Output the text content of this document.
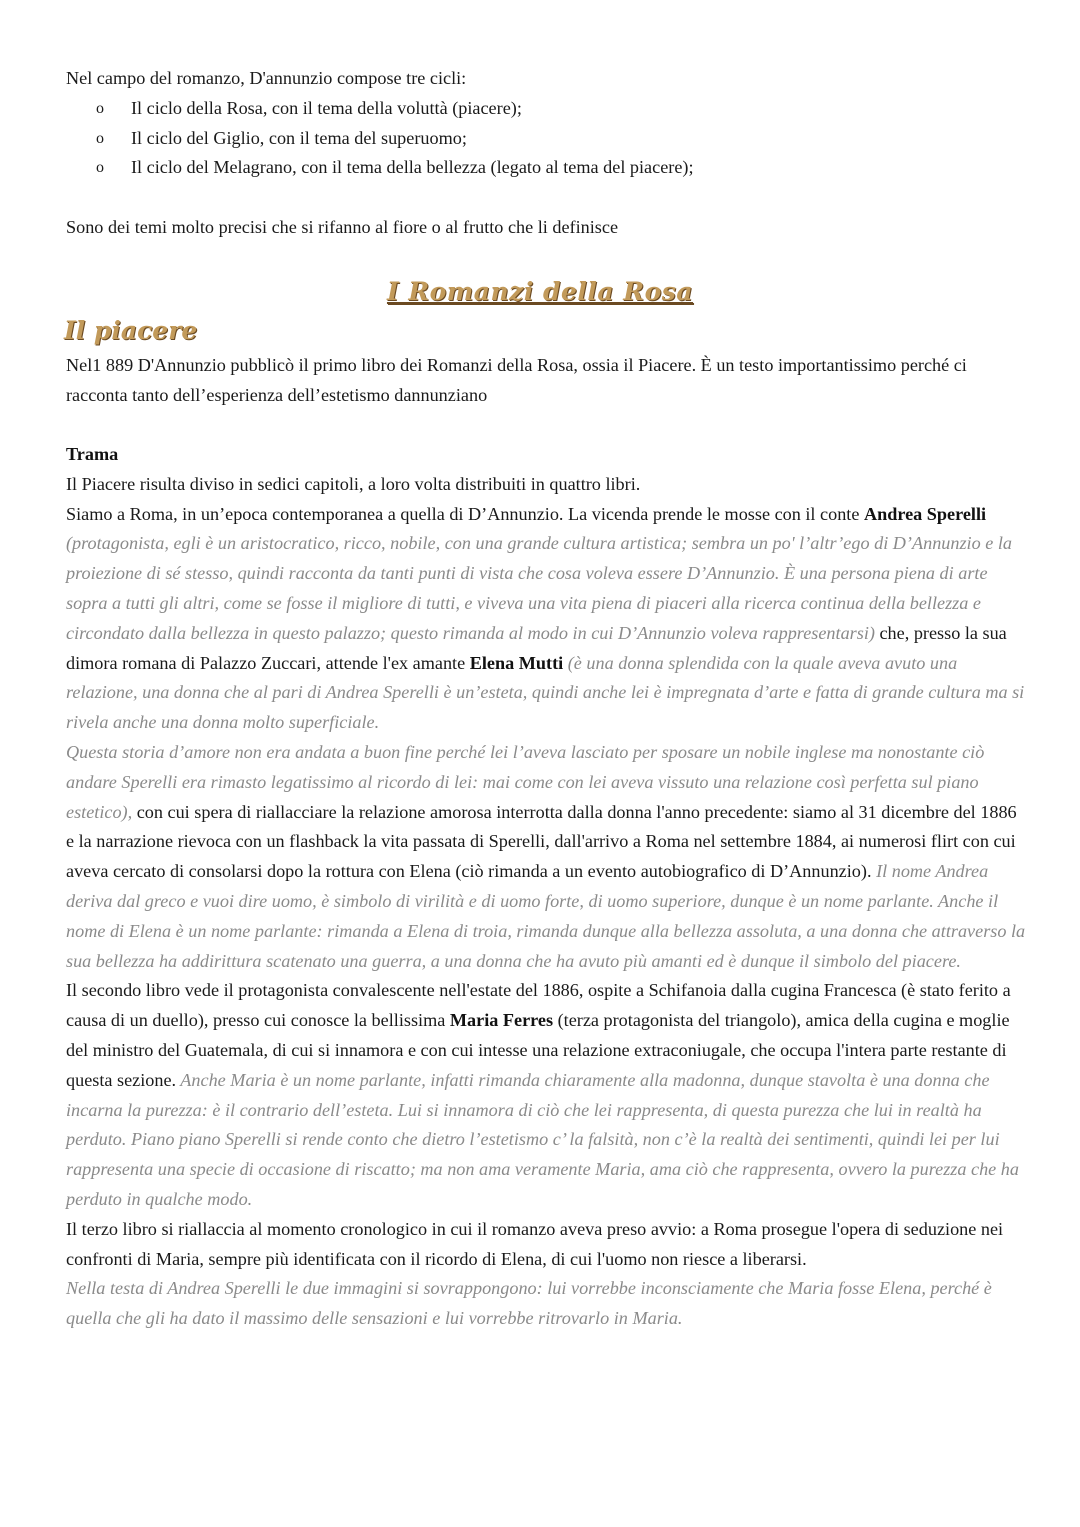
Nel campo del romanzo, D'annunzio compose tre cicli:

o Il ciclo della Rosa, con il tema della voluttà (piacere);
o Il ciclo del Giglio, con il tema del superuomo;
o Il ciclo del Melagrano, con il tema della bellezza (legato al tema del piacere);
Sono dei temi molto precisi che si rifanno al fiore o al frutto che li definisce
I Romanzi della Rosa
Il piacere
Nel1 889 D'Annunzio pubblicò il primo libro dei Romanzi della Rosa, ossia il Piacere. È un testo importantissimo perché ci racconta tanto dell’esperienza dell’estetismo dannunziano

Trama

Il Piacere risulta diviso in sedici capitoli, a loro volta distribuiti in quattro libri.

Siamo a Roma, in un’epoca contemporanea a quella di D’Annunzio. La vicenda prende le mosse con il conte Andrea Sperelli (protagonista, egli è un aristocratico, ricco, nobile, con una grande cultura artistica; sembra un po' l’altr’ego di D’Annunzio e la proiezione di sé stesso, quindi racconta da tanti punti di vista che cosa voleva essere D’Annunzio. È una persona piena di arte sopra a tutti gli altri, come se fosse il migliore di tutti, e viveva una vita piena di piaceri alla ricerca continua della bellezza e circondato dalla bellezza in questo palazzo; questo rimanda al modo in cui D’Annunzio voleva rappresentarsi) che, presso la sua dimora romana di Palazzo Zuccari, attende l'ex amante Elena Mutti (è una donna splendida con la quale aveva avuto una relazione, una donna che al pari di Andrea Sperelli è un’esteta, quindi anche lei è impregnata d’arte e fatta di grande cultura ma si rivela anche una donna molto superficiale.

Questa storia d’amore non era andata a buon fine perché lei l’aveva lasciato per sposare un nobile inglese ma nonostante ciò andare Sperelli era rimasto legatissimo al ricordo di lei: mai come con lei aveva vissuto una relazione così perfetta sul piano estetico), con cui spera di riallacciare la relazione amorosa interrotta dalla donna l'anno precedente: siamo al 31 dicembre del 1886 e la narrazione rievoca con un flashback la vita passata di Sperelli, dall'arrivo a Roma nel settembre 1884, ai numerosi flirt con cui aveva cercato di consolarsi dopo la rottura con Elena (ciò rimanda a un evento autobiografico di D’Annunzio). Il nome Andrea deriva dal greco e vuoi dire uomo, è simbolo di virilità e di uomo forte, di uomo superiore, dunque è un nome parlante. Anche il nome di Elena è un nome parlante: rimanda a Elena di troia, rimanda dunque alla bellezza assoluta, a una donna che attraverso la sua bellezza ha addirittura scatenato una guerra, a una donna che ha avuto più amanti ed è dunque il simbolo del piacere.

Il secondo libro vede il protagonista convalescente nell'estate del 1886, ospite a Schifanoia dalla cugina Francesca (è stato ferito a causa di un duello), presso cui conosce la bellissima Maria Ferres (terza protagonista del triangolo), amica della cugina e moglie del ministro del Guatemala, di cui si innamora e con cui intesse una relazione extraconiugale, che occupa l'intera parte restante di questa sezione. Anche Maria è un nome parlante, infatti rimanda chiaramente alla madonna, dunque stavolta è una donna che incarna la purezza: è il contrario dell’esteta. Lui si innamora di ciò che lei rappresenta, di questa purezza che lui in realtà ha perduto. Piano piano Sperelli si rende conto che dietro l’estetismo c’ la falsità, non c’è la realtà dei sentimenti, quindi lei per lui rappresenta una specie di occasione di riscatto; ma non ama veramente Maria, ama ciò che rappresenta, ovvero la purezza che ha perduto in qualche modo.

Il terzo libro si riallaccia al momento cronologico in cui il romanzo aveva preso avvio: a Roma prosegue l'opera di seduzione nei confronti di Maria, sempre più identificata con il ricordo di Elena, di cui l'uomo non riesce a liberarsi.

Nella testa di Andrea Sperelli le due immagini si sovrappongono: lui vorrebbe inconsciamente che Maria fosse Elena, perché è quella che gli ha dato il massimo delle sensazioni e lui vorrebbe ritrovarlo in Maria.
